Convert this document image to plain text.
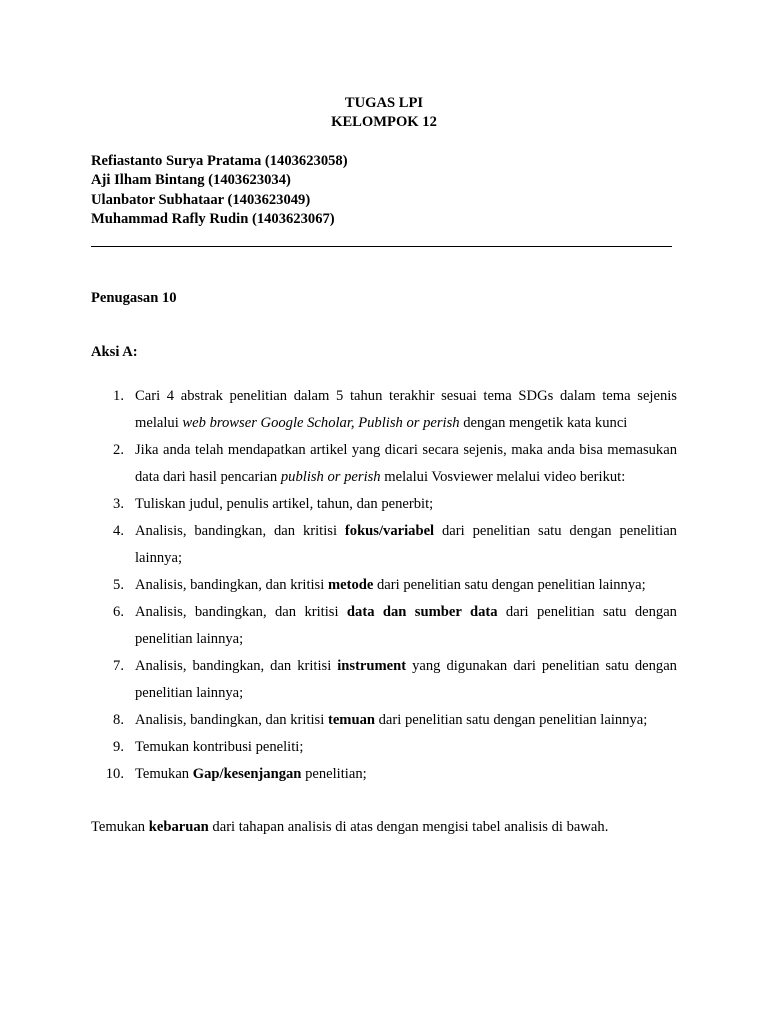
TUGAS LPI
KELOMPOK 12
Refiastanto Surya Pratama (1403623058)
Aji Ilham Bintang (1403623034)
Ulanbator Subhataar (1403623049)
Muhammad Rafly Rudin (1403623067)
Penugasan 10
Aksi A:
1. Cari 4 abstrak penelitian dalam 5 tahun terakhir sesuai tema SDGs dalam tema sejenis melalui web browser Google Scholar, Publish or perish dengan mengetik kata kunci
2. Jika anda telah mendapatkan artikel yang dicari secara sejenis, maka anda bisa memasukan data dari hasil pencarian publish or perish melalui Vosviewer melalui video berikut:
3. Tuliskan judul, penulis artikel, tahun, dan penerbit;
4. Analisis, bandingkan, dan kritisi fokus/variabel dari penelitian satu dengan penelitian lainnya;
5. Analisis, bandingkan, dan kritisi metode dari penelitian satu dengan penelitian lainnya;
6. Analisis, bandingkan, dan kritisi data dan sumber data dari penelitian satu dengan penelitian lainnya;
7. Analisis, bandingkan, dan kritisi instrument yang digunakan dari penelitian satu dengan penelitian lainnya;
8. Analisis, bandingkan, dan kritisi temuan dari penelitian satu dengan penelitian lainnya;
9. Temukan kontribusi peneliti;
10. Temukan Gap/kesenjangan penelitian;
Temukan kebaruan dari tahapan analisis di atas dengan mengisi tabel analisis di bawah.
